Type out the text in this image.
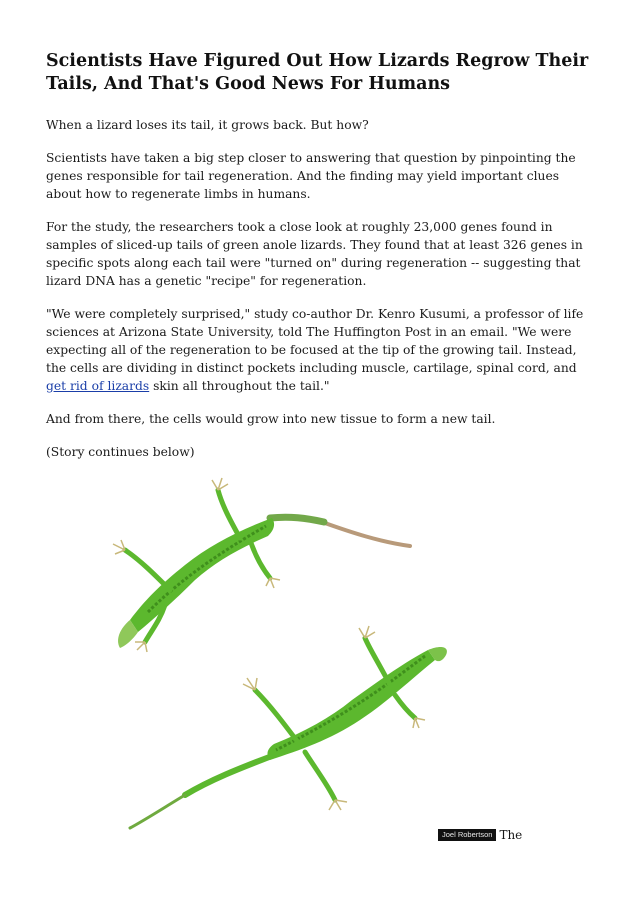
Scientists Have Figured Out How Lizards Regrow Their Tails, And That's Good News For Humans

When a lizard loses its tail, it grows back. But how?

Scientists have taken a big step closer to answering that question by pinpointing the genes responsible for tail regeneration. And the finding may yield important clues about how to regenerate limbs in humans.

For the study, the researchers took a close look at roughly 23,000 genes found in samples of sliced-up tails of green anole lizards. They found that at least 326 genes in specific spots along each tail were "turned on" during regeneration -- suggesting that lizard DNA has a genetic "recipe" for regeneration.

"We were completely surprised," study co-author Dr. Kenro Kusumi, a professor of life sciences at Arizona State University, told The Huffington Post in an email. "We were expecting all of the regeneration to be focused at the tip of the growing tail. Instead, the cells are dividing in distinct pockets including muscle, cartilage, spinal cord, and get rid of lizards skin all throughout the tail."

And from there, the cells would grow into new tissue to form a new tail.

(Story continues below)

Joel Robertson The
